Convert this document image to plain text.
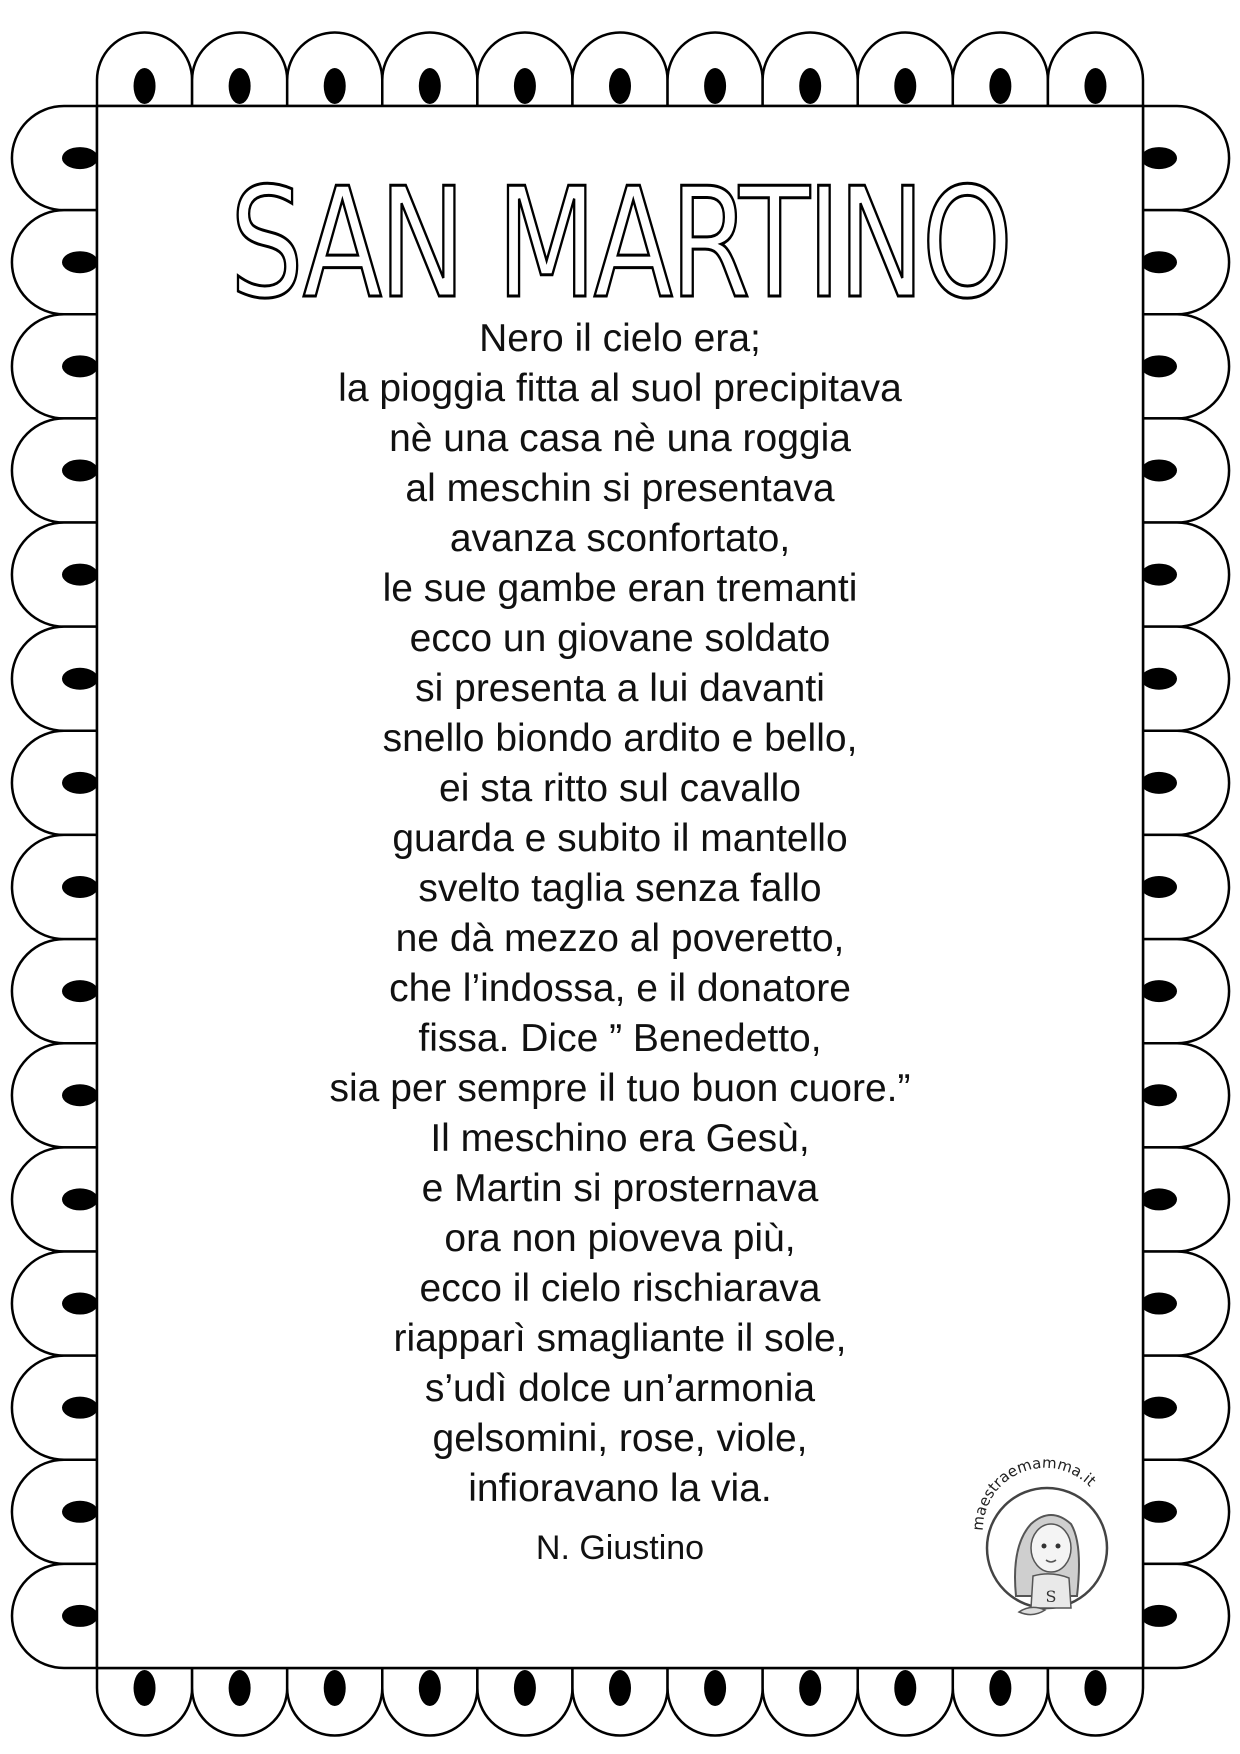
SAN MARTINO
Nero il cielo era;
la pioggia fitta al suol precipitava
nè una casa nè una roggia
al meschin si presentava
avanza sconfortato,
le sue gambe eran tremanti
ecco un giovane soldato
si presenta a lui davanti
snello biondo ardito e bello,
ei sta ritto sul cavallo
guarda e subito il mantello
svelto taglia senza fallo
ne dà mezzo al poveretto,
che l’indossa, e il donatore
fissa. Dice ” Benedetto,
sia per sempre il tuo buon cuore.”
Il meschino era Gesù,
e Martin si prosternava
ora non pioveva più,
ecco il cielo rischiarava
riapparì smagliante il sole,
s’udì dolce un’armonia
gelsomini, rose, viole,
infioravano la via.
N. Giustino
maestraemamma.it
S
